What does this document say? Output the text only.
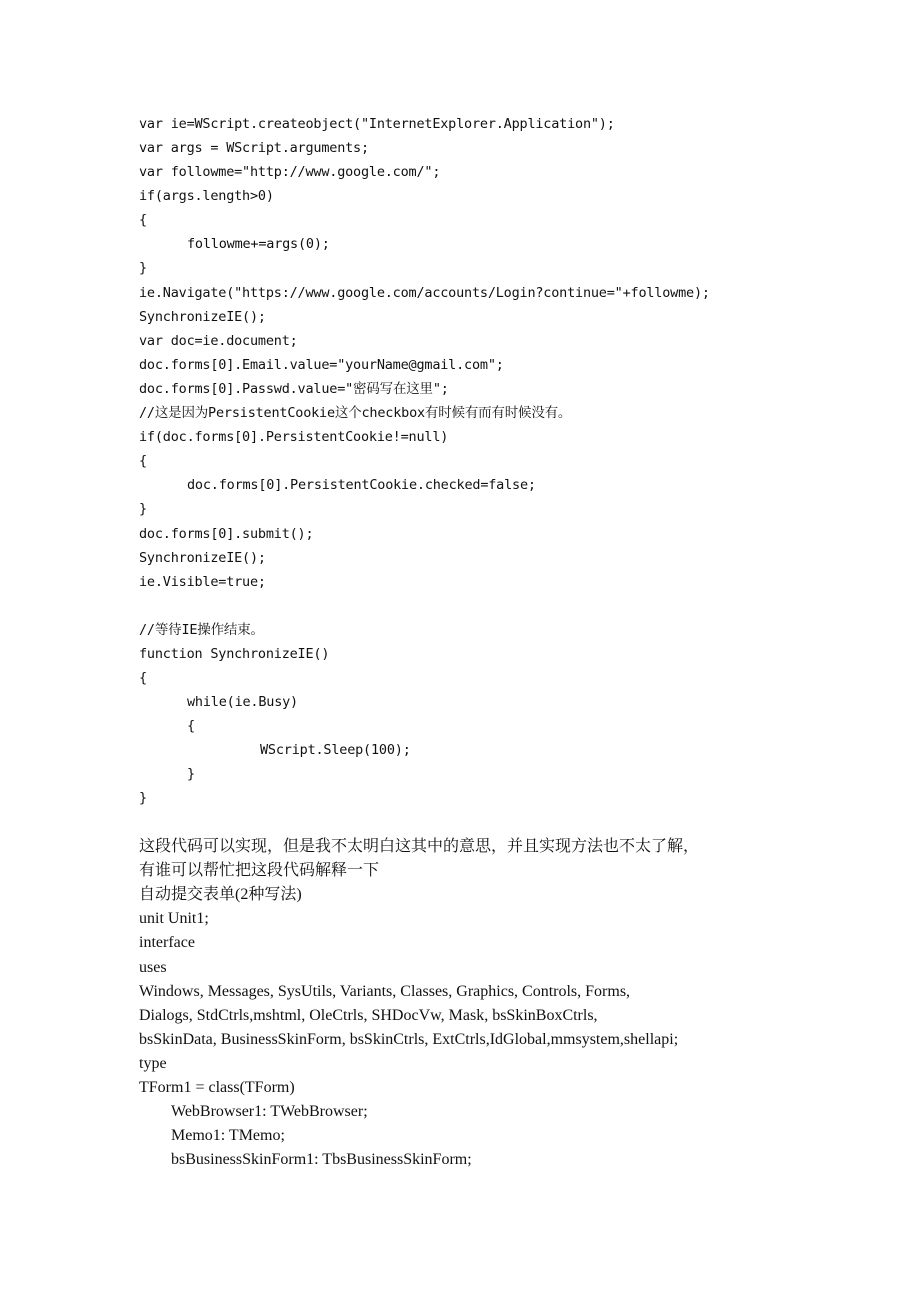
var ie=WScript.createobject("InternetExplorer.Application");
var args = WScript.arguments;
var followme="http://www.google.com/";
if(args.length>0)
{
followme+=args(0);
}
ie.Navigate("https://www.google.com/accounts/Login?continue="+followme);
SynchronizeIE();
var doc=ie.document;
doc.forms[0].Email.value="yourName@gmail.com";
doc.forms[0].Passwd.value="密码写在这里";
//这是因为PersistentCookie这个checkbox有时候有而有时候没有。
if(doc.forms[0].PersistentCookie!=null)
{
doc.forms[0].PersistentCookie.checked=false;
}
doc.forms[0].submit();
SynchronizeIE();
ie.Visible=true;
//等待IE操作结束。
function SynchronizeIE()
{
while(ie.Busy)
{
WScript.Sleep(100);
}
}
这段代码可以实现，但是我不太明白这其中的意思，并且实现方法也不太了解，
有谁可以帮忙把这段代码解释一下
自动提交表单(2种写法)
unit Unit1;
interface
uses
Windows, Messages, SysUtils, Variants, Classes, Graphics, Controls, Forms,
Dialogs, StdCtrls,mshtml, OleCtrls, SHDocVw, Mask, bsSkinBoxCtrls,
bsSkinData, BusinessSkinForm, bsSkinCtrls, ExtCtrls,IdGlobal,mmsystem,shellapi;
type
TForm1 = class(TForm)
WebBrowser1: TWebBrowser;
Memo1: TMemo;
bsBusinessSkinForm1: TbsBusinessSkinForm;
